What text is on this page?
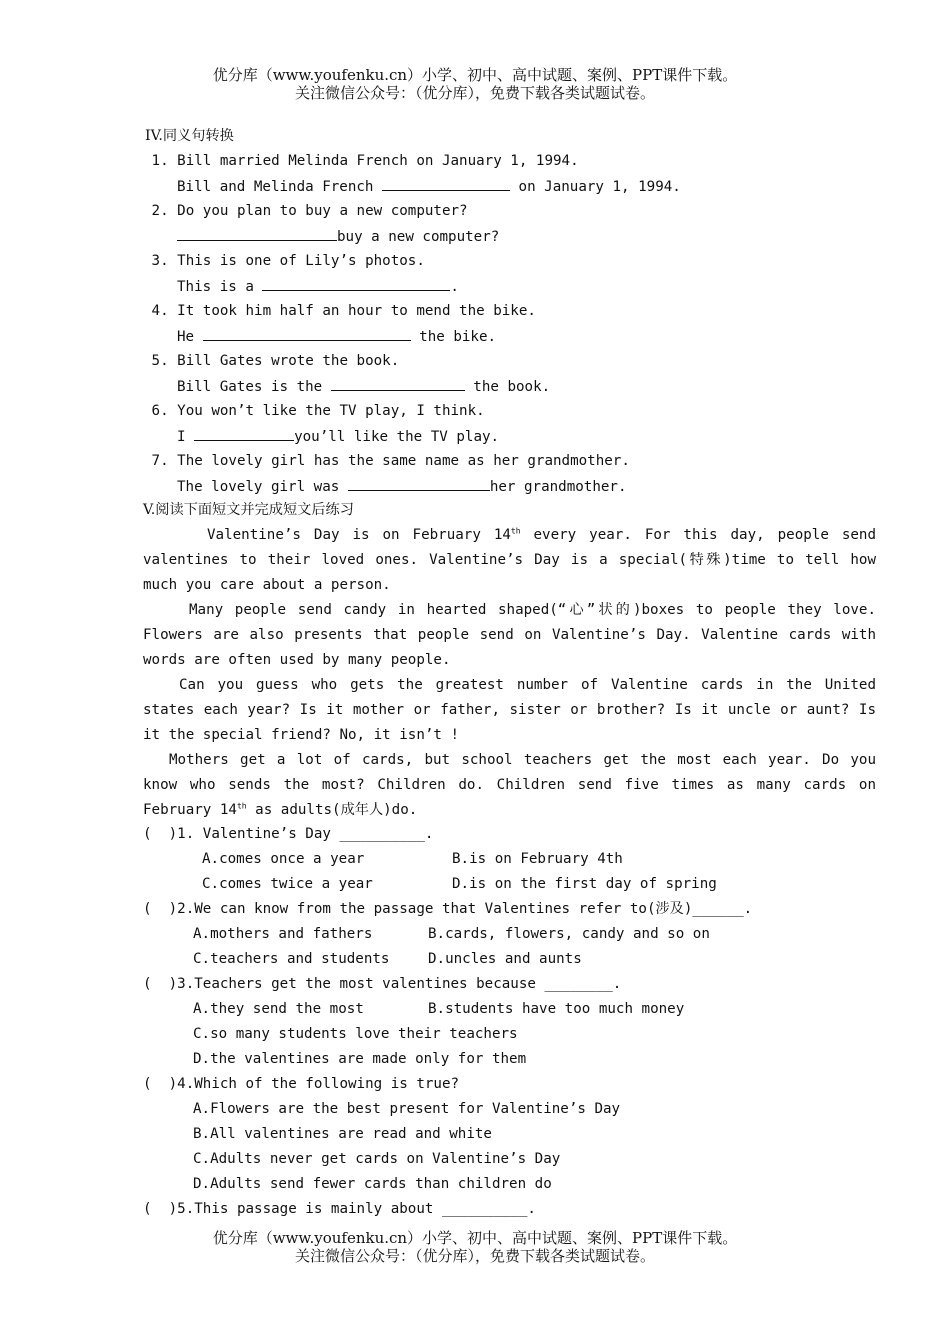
优分库（www.youfenku.cn）小学、初中、高中试题、案例、PPT课件下载。
关注微信公众号：（优分库），免费下载各类试题试卷。
IV.同义句转换
1. Bill married Melinda French on January 1, 1994.
Bill and Melinda French	on January 1, 1994.
2. Do you plan to buy a new computer?
buy a new computer?
3. This is one of Lily’s photos.
This is a	.
4. It took him half an hour to mend the bike.
He	the bike.
5. Bill Gates wrote the book.
Bill Gates is the	the book.
6. You won’t like the TV play, I think.
I	you’ll like the TV play.
7. The lovely girl has the same name as her grandmother.
The lovely girl was	her grandmother.
V.阅读下面短文并完成短文后练习
Valentine’s Day is on February 14th every year. For this day, people send valentines to their loved ones. Valentine’s Day is a special(特殊)time to tell how much you care about a person.
Many people send candy in hearted shaped(“心”状的)boxes to people they love. Flowers are also presents that people send on Valentine’s Day. Valentine cards with words are often used by many people.
Can you guess who gets the greatest number of Valentine cards in the United states each year? Is it mother or father, sister or brother? Is it uncle or aunt? Is it the special friend? No, it isn’t !
Mothers get a lot of cards, but school teachers get the most each year. Do you know who sends the most? Children do. Children send five times as many cards on February 14th as adults(成年人)do.
(  )1. Valentine’s Day __________.
A.comes once a year	B.is on February 4th
C.comes twice a year	D.is on the first day of spring
(  )2.We can know from the passage that Valentines refer to(涉及)______.
A.mothers and fathers	B.cards, flowers, candy and so on
C.teachers and students	D.uncles and aunts
(  )3.Teachers get the most valentines because ________.
A.they send the most	B.students have too much money
C.so many students love their teachers
D.the valentines are made only for them
(  )4.Which of the following is true?
A.Flowers are the best present for Valentine’s Day
B.All valentines are read and white
C.Adults never get cards on Valentine’s Day
D.Adults send fewer cards than children do
(  )5.This passage is mainly about __________.
优分库（www.youfenku.cn）小学、初中、高中试题、案例、PPT课件下载。
关注微信公众号：（优分库），免费下载各类试题试卷。
